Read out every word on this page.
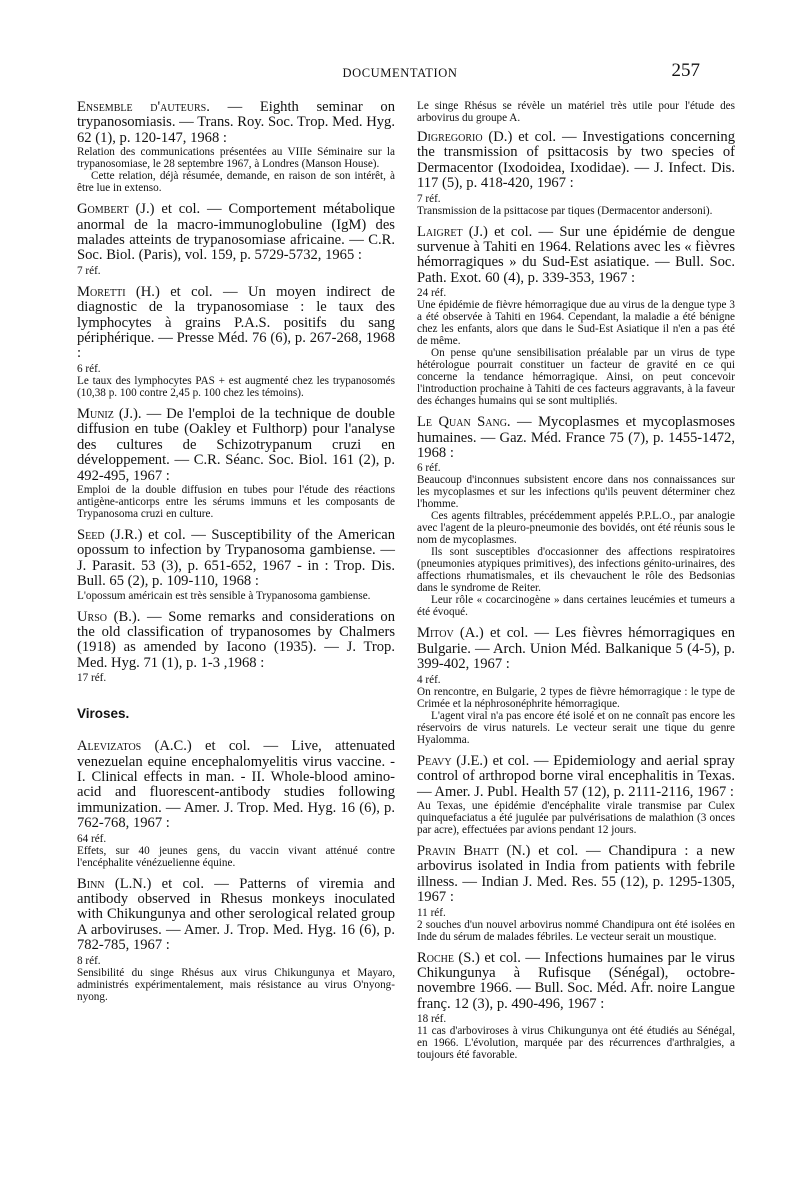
DOCUMENTATION	257

Ensemble d'auteurs. — Eighth seminar on trypanosomiasis. — Trans. Roy. Soc. Trop. Med. Hyg. 62 (1), p. 120-147, 1968 :

Relation des communications présentées au VIIIe Séminaire sur la trypanosomiase, le 28 septembre 1967, à Londres (Manson House).

Cette relation, déjà résumée, demande, en raison de son intérêt, à être lue in extenso.

Gombert (J.) et col. — Comportement métabolique anormal de la macro-immunoglobuline (IgM) des malades atteints de trypanosomiase africaine. — C.R. Soc. Biol. (Paris), vol. 159, p. 5729-5732, 1965 :

7 réf.

Moretti (H.) et col. — Un moyen indirect de diagnostic de la trypanosomiase : le taux des lymphocytes à grains P.A.S. positifs du sang périphérique. — Presse Méd. 76 (6), p. 267-268, 1968 :

6 réf.

Le taux des lymphocytes PAS + est augmenté chez les trypanosomés (10,38 p. 100 contre 2,45 p. 100 chez les témoins).

Muniz (J.). — De l'emploi de la technique de double diffusion en tube (Oakley et Fulthorp) pour l'analyse des cultures de Schizotrypanum cruzi en développement. — C.R. Séanc. Soc. Biol. 161 (2), p. 492-495, 1967 :

Emploi de la double diffusion en tubes pour l'étude des réactions antigène-anticorps entre les sérums immuns et les composants de Trypanosoma cruzi en culture.

Seed (J.R.) et col. — Susceptibility of the American opossum to infection by Trypanosoma gambiense. — J. Parasit. 53 (3), p. 651-652, 1967 - in : Trop. Dis. Bull. 65 (2), p. 109-110, 1968 :

L'opossum américain est très sensible à Trypanosoma gambiense.

Urso (B.). — Some remarks and considerations on the old classification of trypanosomes by Chalmers (1918) as amended by Iacono (1935). — J. Trop. Med. Hyg. 71 (1), p. 1-3 ,1968 :

17 réf.
Viroses.

Alevizatos (A.C.) et col. — Live, attenuated venezuelan equine encephalomyelitis virus vaccine. - I. Clinical effects in man. - II. Whole-blood amino-acid and fluorescent-antibody studies following immunization. — Amer. J. Trop. Med. Hyg. 16 (6), p. 762-768, 1967 :

64 réf.

Effets, sur 40 jeunes gens, du vaccin vivant atténué contre l'encéphalite vénézuelienne équine.

Binn (L.N.) et col. — Patterns of viremia and antibody observed in Rhesus monkeys inoculated with Chikungunya and other serological related group A arboviruses. — Amer. J. Trop. Med. Hyg. 16 (6), p. 782-785, 1967 :

8 réf.

Sensibilité du singe Rhésus aux virus Chikungunya et Mayaro, administrés expérimentalement, mais résistance au virus O'nyong-nyong.

Le singe Rhésus se révèle un matériel très utile pour l'étude des arbovirus du groupe A.

Digregorio (D.) et col. — Investigations concerning the transmission of psittacosis by two species of Dermacentor (Ixodoidea, Ixodidae). — J. Infect. Dis. 117 (5), p. 418-420, 1967 :

7 réf.

Transmission de la psittacose par tiques (Dermacentor andersoni).

Laigret (J.) et col. — Sur une épidémie de dengue survenue à Tahiti en 1964. Relations avec les « fièvres hémorragiques » du Sud-Est asiatique. — Bull. Soc. Path. Exot. 60 (4), p. 339-353, 1967 :

24 réf.

Une épidémie de fièvre hémorragique due au virus de la dengue type 3 a été observée à Tahiti en 1964. Cependant, la maladie a été bénigne chez les enfants, alors que dans le Sud-Est Asiatique il n'en a pas été de même.

On pense qu'une sensibilisation préalable par un virus de type hétérologue pourrait constituer un facteur de gravité en ce qui concerne la tendance hémorragique. Ainsi, on peut concevoir l'introduction prochaine à Tahiti de ces facteurs aggravants, à la faveur des échanges humains qui se sont multipliés.

Le Quan Sang. — Mycoplasmes et mycoplasmoses humaines. — Gaz. Méd. France 75 (7), p. 1455-1472, 1968 :

6 réf.

Beaucoup d'inconnues subsistent encore dans nos connaissances sur les mycoplasmes et sur les infections qu'ils peuvent déterminer chez l'homme.

Ces agents filtrables, précédemment appelés P.P.L.O., par analogie avec l'agent de la pleuro-pneumonie des bovidés, ont été réunis sous le nom de mycoplasmes.

Ils sont susceptibles d'occasionner des affections respiratoires (pneumonies atypiques primitives), des infections génito-urinaires, des affections rhumatismales, et ils chevauchent le rôle des Bedsonias dans le syndrome de Reiter.

Leur rôle « cocarcinogène » dans certaines leucémies et tumeurs a été évoqué.

Mitov (A.) et col. — Les fièvres hémorragiques en Bulgarie. — Arch. Union Méd. Balkanique 5 (4-5), p. 399-402, 1967 :

4 réf.

On rencontre, en Bulgarie, 2 types de fièvre hémorragique : le type de Crimée et la néphrosonéphrite hémorragique.

L'agent viral n'a pas encore été isolé et on ne connaît pas encore les réservoirs de virus naturels. Le vecteur serait une tique du genre Hyalomma.

Peavy (J.E.) et col. — Epidemiology and aerial spray control of arthropod borne viral encephalitis in Texas. — Amer. J. Publ. Health 57 (12), p. 2111-2116, 1967 :

Au Texas, une épidémie d'encéphalite virale transmise par Culex quinquefaciatus a été jugulée par pulvérisations de malathion (3 onces par acre), effectuées par avions pendant 12 jours.

Pravin Bhatt (N.) et col. — Chandipura : a new arbovirus isolated in India from patients with febrile illness. — Indian J. Med. Res. 55 (12), p. 1295-1305, 1967 :

11 réf.

2 souches d'un nouvel arbovirus nommé Chandipura ont été isolées en Inde du sérum de malades fébriles. Le vecteur serait un moustique.

Roche (S.) et col. — Infections humaines par le virus Chikungunya à Rufisque (Sénégal), octobre-novembre 1966. — Bull. Soc. Méd. Afr. noire Langue franç. 12 (3), p. 490-496, 1967 :

18 réf.

11 cas d'arboviroses à virus Chikungunya ont été étudiés au Sénégal, en 1966. L'évolution, marquée par des récurrences d'arthralgies, a toujours été favorable.
